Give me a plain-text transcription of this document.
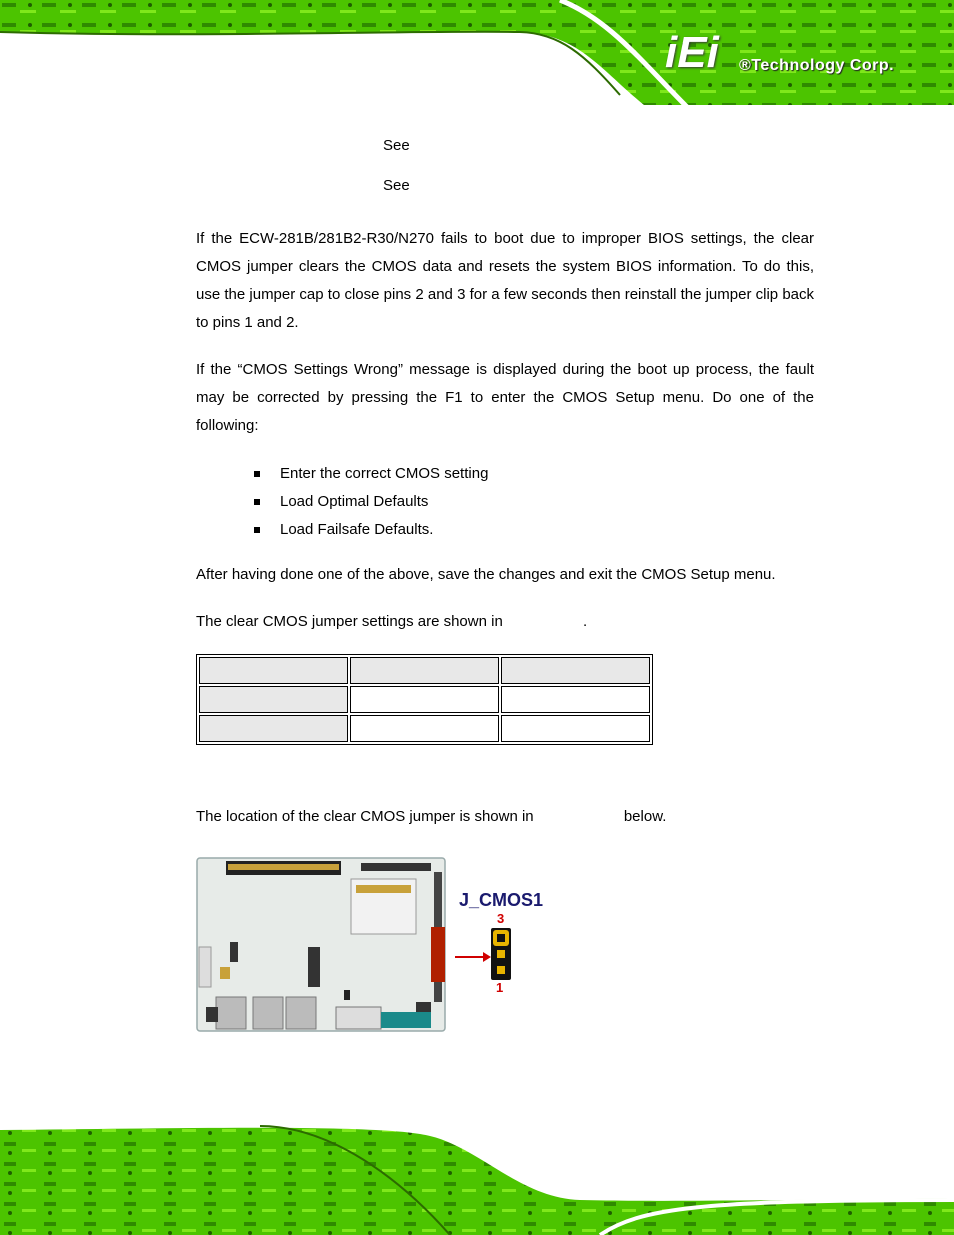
iEi ®Technology Corp.
See
See

If the ECW-281B/281B2-R30/N270 fails to boot due to improper BIOS settings, the clear CMOS jumper clears the CMOS data and resets the system BIOS information. To do this, use the jumper cap to close pins 2 and 3 for a few seconds then reinstall the jumper clip back to pins 1 and 2.

If the “CMOS Settings Wrong” message is displayed during the boot up process, the fault may be corrected by pressing the F1 to enter the CMOS Setup menu. Do one of the following:

Enter the correct CMOS setting
Load Optimal Defaults
Load Failsafe Defaults.

After having done one of the above, save the changes and exit the CMOS Setup menu.

The clear CMOS jumper settings are shown in	.

The location of the clear CMOS jumper is shown in	below.
J_CMOS1
3
1
